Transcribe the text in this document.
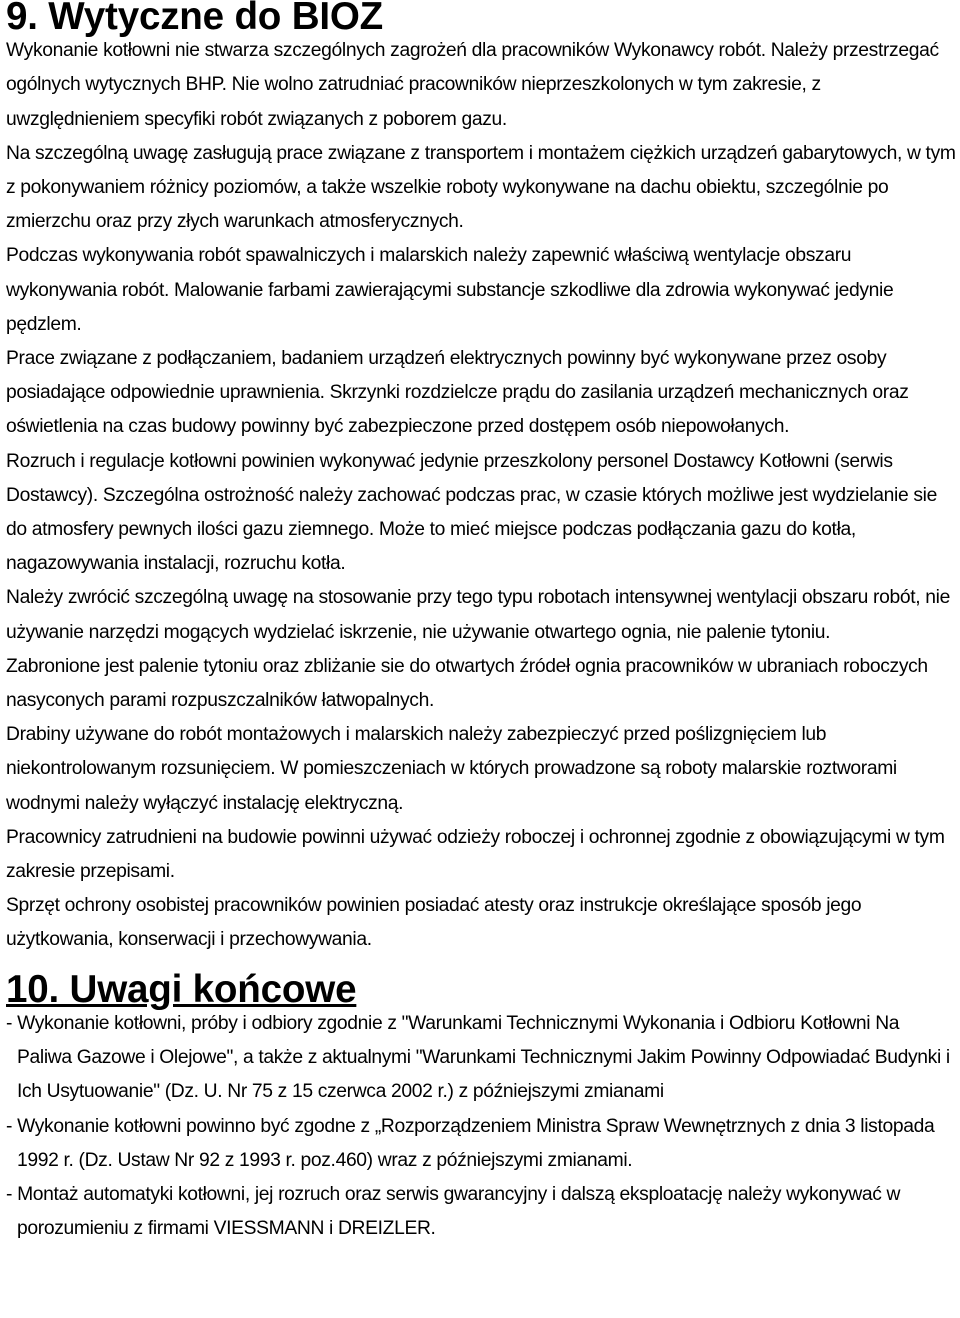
9. Wytyczne do BIOZ

Wykonanie kotłowni nie stwarza szczególnych zagrożeń dla pracowników Wykonawcy robót. Należy przestrzegać ogólnych wytycznych BHP. Nie wolno zatrudniać pracowników nieprzeszkolonych w tym zakresie, z uwzględnieniem specyfiki robót związanych z poborem gazu.

Na szczególną uwagę zasługują prace związane z transportem i montażem ciężkich urządzeń gabarytowych, w tym z pokonywaniem różnicy poziomów, a także wszelkie roboty wykonywane na dachu obiektu, szczególnie po zmierzchu oraz przy złych warunkach atmosferycznych.

Podczas wykonywania robót spawalniczych i malarskich należy zapewnić właściwą wentylacje obszaru wykonywania robót. Malowanie farbami zawierającymi substancje szkodliwe dla zdrowia wykonywać jedynie pędzlem.

Prace związane z podłączaniem, badaniem urządzeń elektrycznych powinny być wykonywane przez osoby posiadające odpowiednie uprawnienia. Skrzynki rozdzielcze prądu do zasilania urządzeń mechanicznych oraz oświetlenia na czas budowy powinny być zabezpieczone przed dostępem osób niepowołanych.

Rozruch i regulacje kotłowni powinien wykonywać jedynie przeszkolony personel Dostawcy Kotłowni (serwis Dostawcy). Szczególna ostrożność należy zachować podczas prac, w czasie których możliwe jest wydzielanie sie do atmosfery pewnych ilości gazu ziemnego. Może to mieć miejsce podczas podłączania gazu do kotła, nagazowywania instalacji, rozruchu kotła.

Należy zwrócić szczególną uwagę na stosowanie przy tego typu robotach intensywnej wentylacji obszaru robót, nie używanie narzędzi mogących wydzielać iskrzenie, nie używanie otwartego ognia, nie palenie tytoniu.

Zabronione jest palenie tytoniu oraz zbliżanie sie do otwartych źródeł ognia pracowników w ubraniach roboczych nasyconych parami rozpuszczalników łatwopalnych.

Drabiny używane do robót montażowych i malarskich należy zabezpieczyć przed poślizgnięciem lub niekontrolowanym rozsunięciem. W pomieszczeniach w których prowadzone są roboty malarskie roztworami wodnymi należy wyłączyć instalację elektryczną.

Pracownicy zatrudnieni na budowie powinni używać odzieży roboczej i ochronnej zgodnie z obowiązującymi w tym zakresie przepisami.

Sprzęt ochrony osobistej pracowników powinien posiadać atesty oraz instrukcje określające sposób jego użytkowania, konserwacji i przechowywania.

10. Uwagi końcowe

- Wykonanie kotłowni, próby i odbiory zgodnie z "Warunkami Technicznymi Wykonania i Odbioru Kotłowni Na Paliwa Gazowe i Olejowe", a także z aktualnymi "Warunkami Technicznymi Jakim Powinny Odpowiadać Budynki i Ich Usytuowanie" (Dz. U. Nr 75 z 15 czerwca 2002 r.) z późniejszymi zmianami

- Wykonanie kotłowni powinno być zgodne z „Rozporządzeniem Ministra Spraw Wewnętrznych z dnia 3 listopada 1992 r. (Dz. Ustaw Nr 92 z 1993 r. poz.460) wraz z późniejszymi zmianami.

- Montaż automatyki kotłowni, jej rozruch oraz serwis gwarancyjny i dalszą eksploatację należy wykonywać w porozumieniu z firmami VIESSMANN i DREIZLER.
